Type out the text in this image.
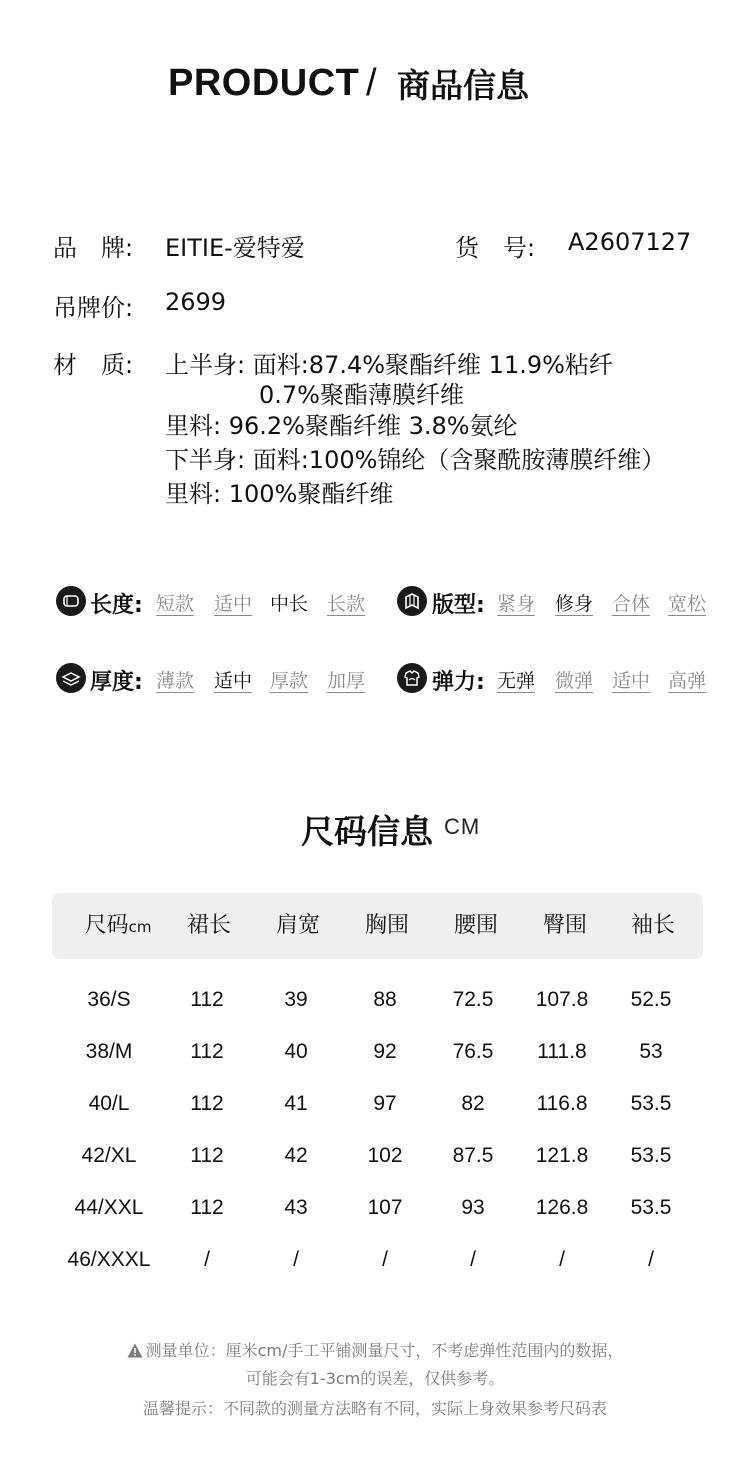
PRODUCT / 商品信息
品　牌: EITIE-爱特爱	货　号: A2607127
吊牌价: 2699
材　质: 上半身: 面料:87.4%聚酯纤维 11.9%粘纤
0.7%聚酯薄膜纤维
里料: 96.2%聚酯纤维 3.8%氨纶
下半身: 面料:100%锦纶（含聚酰胺薄膜纤维）
里料: 100%聚酯纤维
长度: 短款 适中 中长 长款	版型: 紧身 修身 合体 宽松
厚度: 薄款 适中 厚款 加厚	弹力: 无弹 微弹 适中 高弹
尺码信息 CM
尺码cm	裙长	肩宽	胸围	腰围	臀围	袖长
36/S	112	39	88	72.5	107.8	52.5
38/M	112	40	92	76.5	111.8	53
40/L	112	41	97	82	116.8	53.5
42/XL	112	42	102	87.5	121.8	53.5
44/XXL	112	43	107	93	126.8	53.5
46/XXXL	/	/	/	/	/	/
测量单位：厘米cm/手工平铺测量尺寸，不考虑弹性范围内的数据，
可能会有1-3cm的误差，仅供参考。
温馨提示：不同款的测量方法略有不同，实际上身效果参考尺码表
